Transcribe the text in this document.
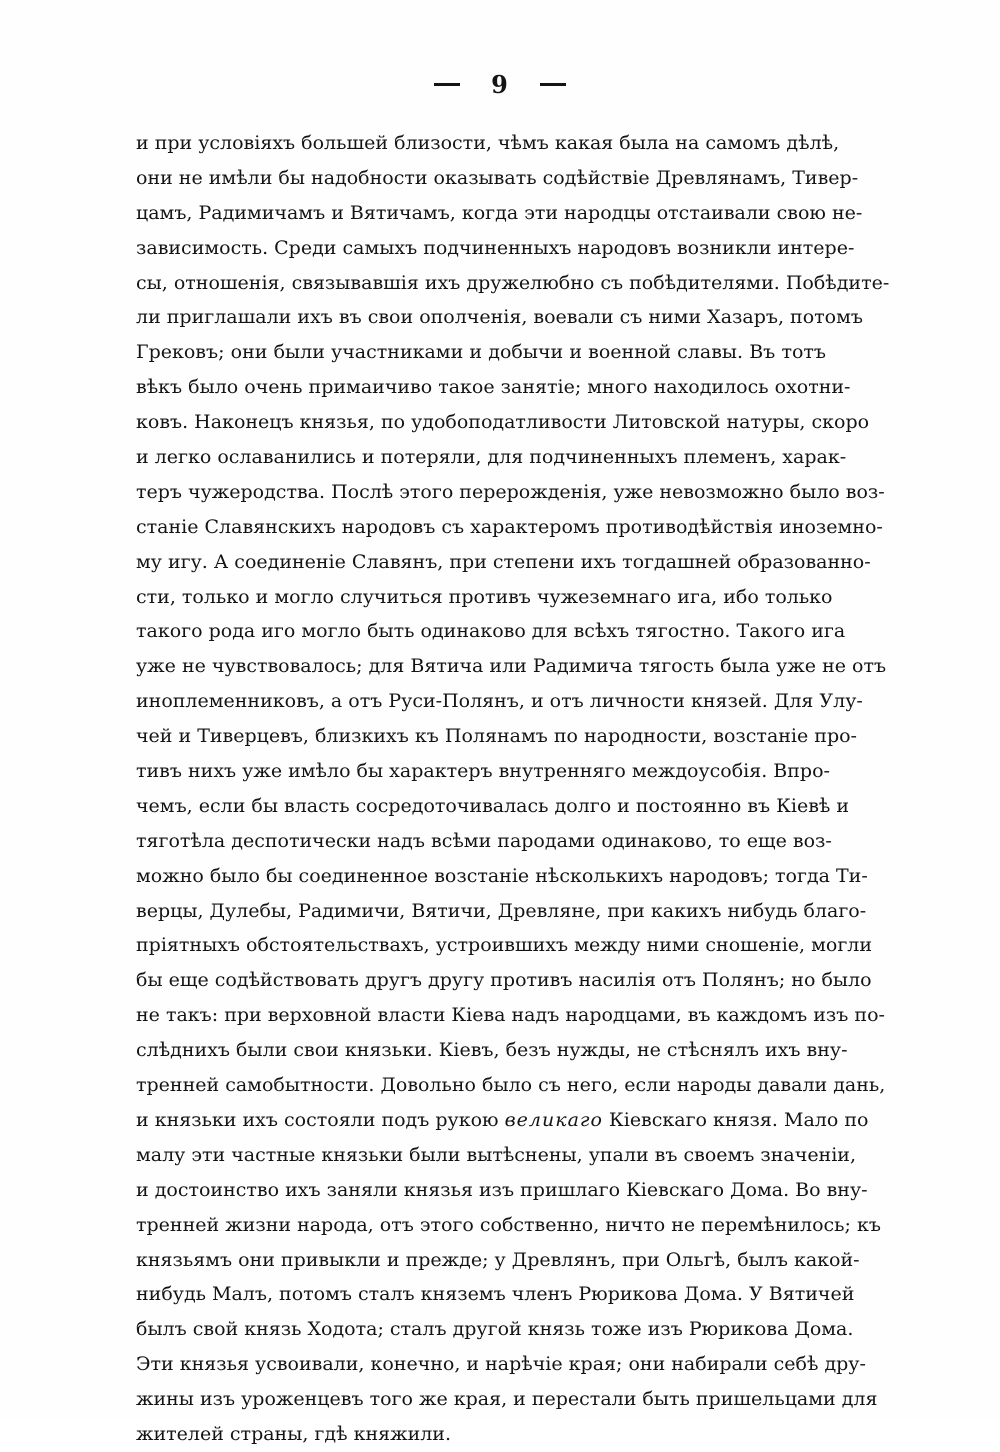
9
и при условіяхъ большей близости, чѣмъ какая была на самомъ дѣлѣ,
они не имѣли бы надобности оказывать содѣйствіе Древлянамъ, Тивер-
цамъ, Радимичамъ и Вятичамъ, когда эти народцы отстаивали свою не-
зависимость. Среди самыхъ подчиненныхъ народовъ возникли интере-
сы, отношенія, связывавшія ихъ дружелюбно съ побѣдителями. Побѣдите-
ли приглашали ихъ въ свои ополченія, воевали съ ними Хазаръ, потомъ
Грековъ; они были участниками и добычи и военной славы. Въ тотъ
вѣкъ было очень примаичиво такое занятіе; много находилось охотни-
ковъ. Наконецъ князья, по удобоподатливости Литовской натуры, скоро
и легко ославанились и потеряли, для подчиненныхъ племенъ, харак-
теръ чужеродства. Послѣ этого перерожденія, уже невозможно было воз-
станіе Славянскихъ народовъ съ характеромъ противодѣйствія иноземно-
му игу. А соединеніе Славянъ, при степени ихъ тогдашней образованно-
сти, только и могло случиться противъ чужеземнаго ига, ибо только
такого рода иго могло быть одинаково для всѣхъ тягостно. Такого ига
уже не чувствовалось; для Вятича или Радимича тягость была уже не отъ
иноплеменниковъ, а отъ Руси-Полянъ, и отъ личности князей. Для Улу-
чей и Тиверцевъ, близкихъ къ Полянамъ по народности, возстаніе про-
тивъ нихъ уже имѣло бы характеръ внутренняго междоусобія. Впро-
чемъ, если бы власть сосредоточивалась долго и постоянно въ Кіевѣ и
тяготѣла деспотически надъ всѣми пародами одинаково, то еще воз-
можно было бы соединенное возстаніе нѣсколькихъ народовъ; тогда Ти-
верцы, Дулебы, Радимичи, Вятичи, Древляне, при какихъ нибудь благо-
пріятныхъ обстоятельствахъ, устроившихъ между ними сношеніе, могли
бы еще содѣйствовать другъ другу противъ насилія отъ Полянъ; но было
не такъ: при верховной власти Кіева надъ народцами, въ каждомъ изъ по-
слѣднихъ были свои князьки. Кіевъ, безъ нужды, не стѣснялъ ихъ вну-
тренней самобытности. Довольно было съ него, если народы давали дань,
и князьки ихъ состояли подъ рукою великаго Кіевскаго князя. Мало по
малу эти частные князьки были вытѣснены, упали въ своемъ значеніи,
и достоинство ихъ заняли князья изъ пришлаго Кіевскаго Дома. Во вну-
тренней жизни народа, отъ этого собственно, ничто не перемѣнилось; къ
князьямъ они привыкли и прежде; у Древлянъ, при Ольгѣ, былъ какой-
нибудь Малъ, потомъ сталъ княземъ членъ Рюрикова Дома. У Вятичей
былъ свой князь Ходота; сталъ другой князь тоже изъ Рюрикова Дома.
Эти князья усвоивали, конечно, и нарѣчіе края; они набирали себѣ дру-
жины изъ уроженцевъ того же края, и перестали быть пришельцами для
жителей страны, гдѣ княжили.
